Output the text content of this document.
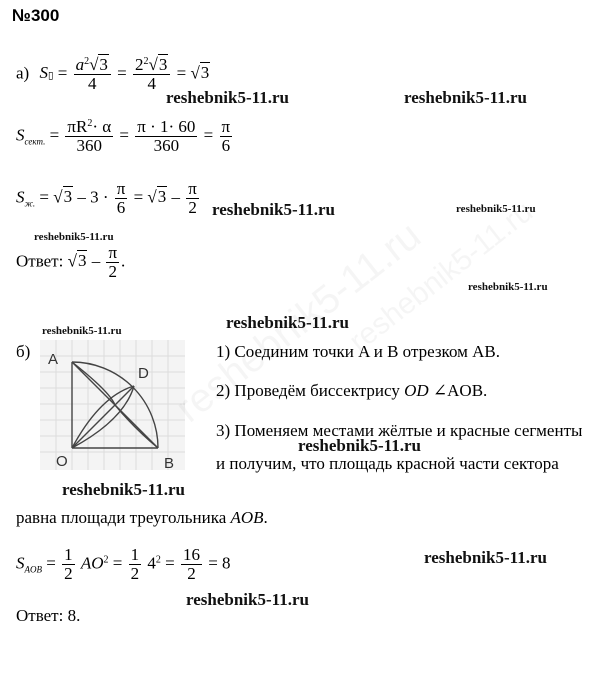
№300
а) S▯ = $\frac{a^2√3}{4} = \frac{2^2√3}{4} = √3$
$S_{сект.} = \frac{\pi R^2\cdot \alpha}{360} = \frac{\pi \cdot 1\cdot 60}{360} = \frac{\pi}{6}$
$S_{ж.} = √3 - 3 \cdot \frac{\pi}{6} = √3 - \frac{\pi}{2}$
Ответ: $√3 - \frac{\pi}{2}$ .
б) A
D
O	B
1) Соединим точки A и B отрезком AB.
2) Проведём биссектрису OD ∠AOB.
3) Поменяем местами жёлтые и красные сегменты
и получим, что площадь красной части сектора
равна площади треугольника AOB.
$S_{AOB} = \frac{1}{2} AO^2 = \frac{1}{2} 4^2 = \frac{16}{2} = 8$
Ответ: 8.
reshebnik5-11.ru	reshebnik5-11.ru
reshebnik5-11.ru	reshebnik5-11.ru
reshebnik5-11.ru
reshebnik5-11.ru
reshebnik5-11.ru
reshebnik5-11.ru
reshebnik5-11.ru
reshebnik5-11.ru
reshebnik5-11.ru
reshebnik5-11.ru
